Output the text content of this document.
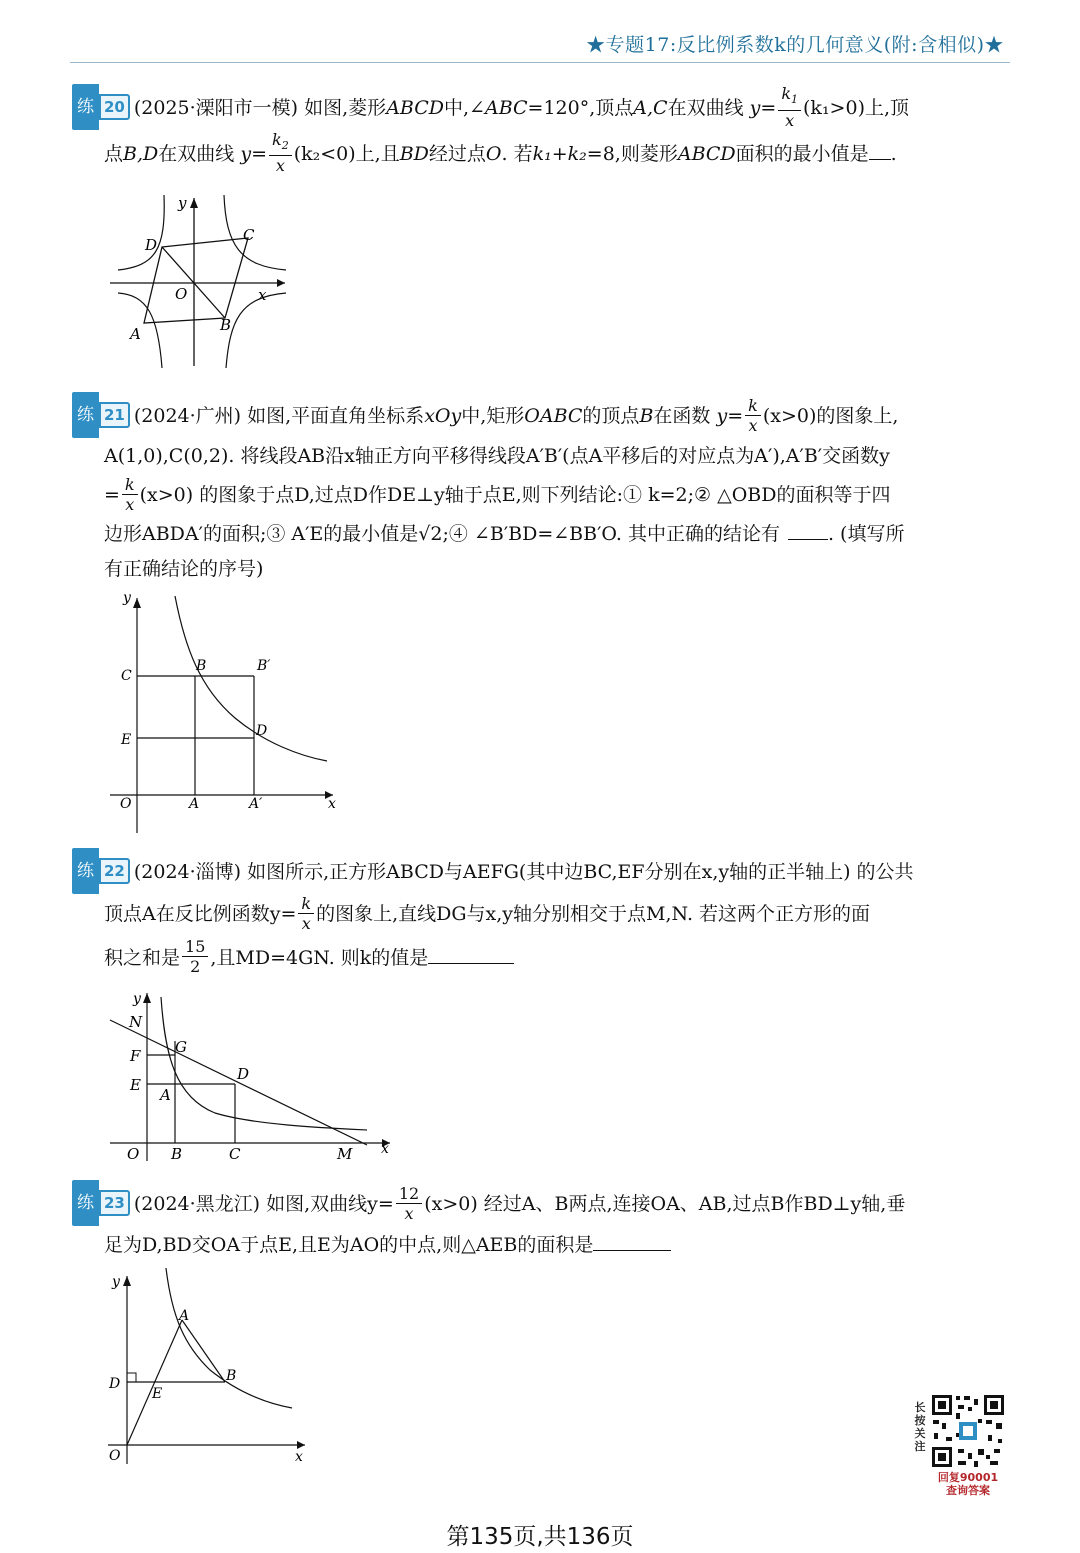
★专题17:反比例系数k的几何意义(附:含相似)★
练 20 (2025·溧阳市一模) 如图,菱形ABCD中,∠ABC=120°,顶点A,C在双曲线 $y= \frac{k_1}{x} (k_1>0)$上,顶
点B,D在双曲线 $y= \frac{k_2}{x} (k_2<0)$上,且BD经过点O. 若k₁+k₂=8,则菱形ABCD面积的最小值是 .
y
x
D
C
O
A	B
练 21 (2024·广州) 如图,平面直角坐标系xOy中,矩形OABC的顶点B在函数 $y= \frac{k}{x} (x>0)$的图象上,
A(1,0),C(0,2). 将线段AB沿x轴正方向平移得线段A′B′(点A平移后的对应点为A′),A′B′交函数y
= $\frac{k}{x} (x>0)$ 的图象于点D,过点D作DE⊥y轴于点E,则下列结论:① k=2;② △OBD的面积等于四
边形ABDA′的面积;③ A′E的最小值是√2;④ ∠B′BD=∠BB′O. 其中正确的结论有	. (填写所
有正确结论的序号)
y
x
O	A	A′
C
E
B	B′
D
练 22 (2024·淄博) 如图所示,正方形ABCD与AEFG(其中边BC,EF分别在x,y轴的正半轴上) 的公共
顶点A在反比例函数$y= \frac{k}{x}$ 的图象上,直线DG与x,y轴分别相交于点M,N. 若这两个正方形的面
积之和是 $\frac{15}{2}$ ,且MD=4GN. 则k的值是
y
x
O B	C	M
N
F G
E
A
D
练 23 (2024·黑龙江) 如图,双曲线$y= \frac{12}{x} (x>0)$ 经过A、B两点,连接OA、AB,过点B作BD⊥y轴,垂
足为D,BD交OA于点E,且E为AO的中点,则△AEB的面积是
y
x
O
A
B
D
E
长按关注
回复90001
查询答案
第135页,共136页
